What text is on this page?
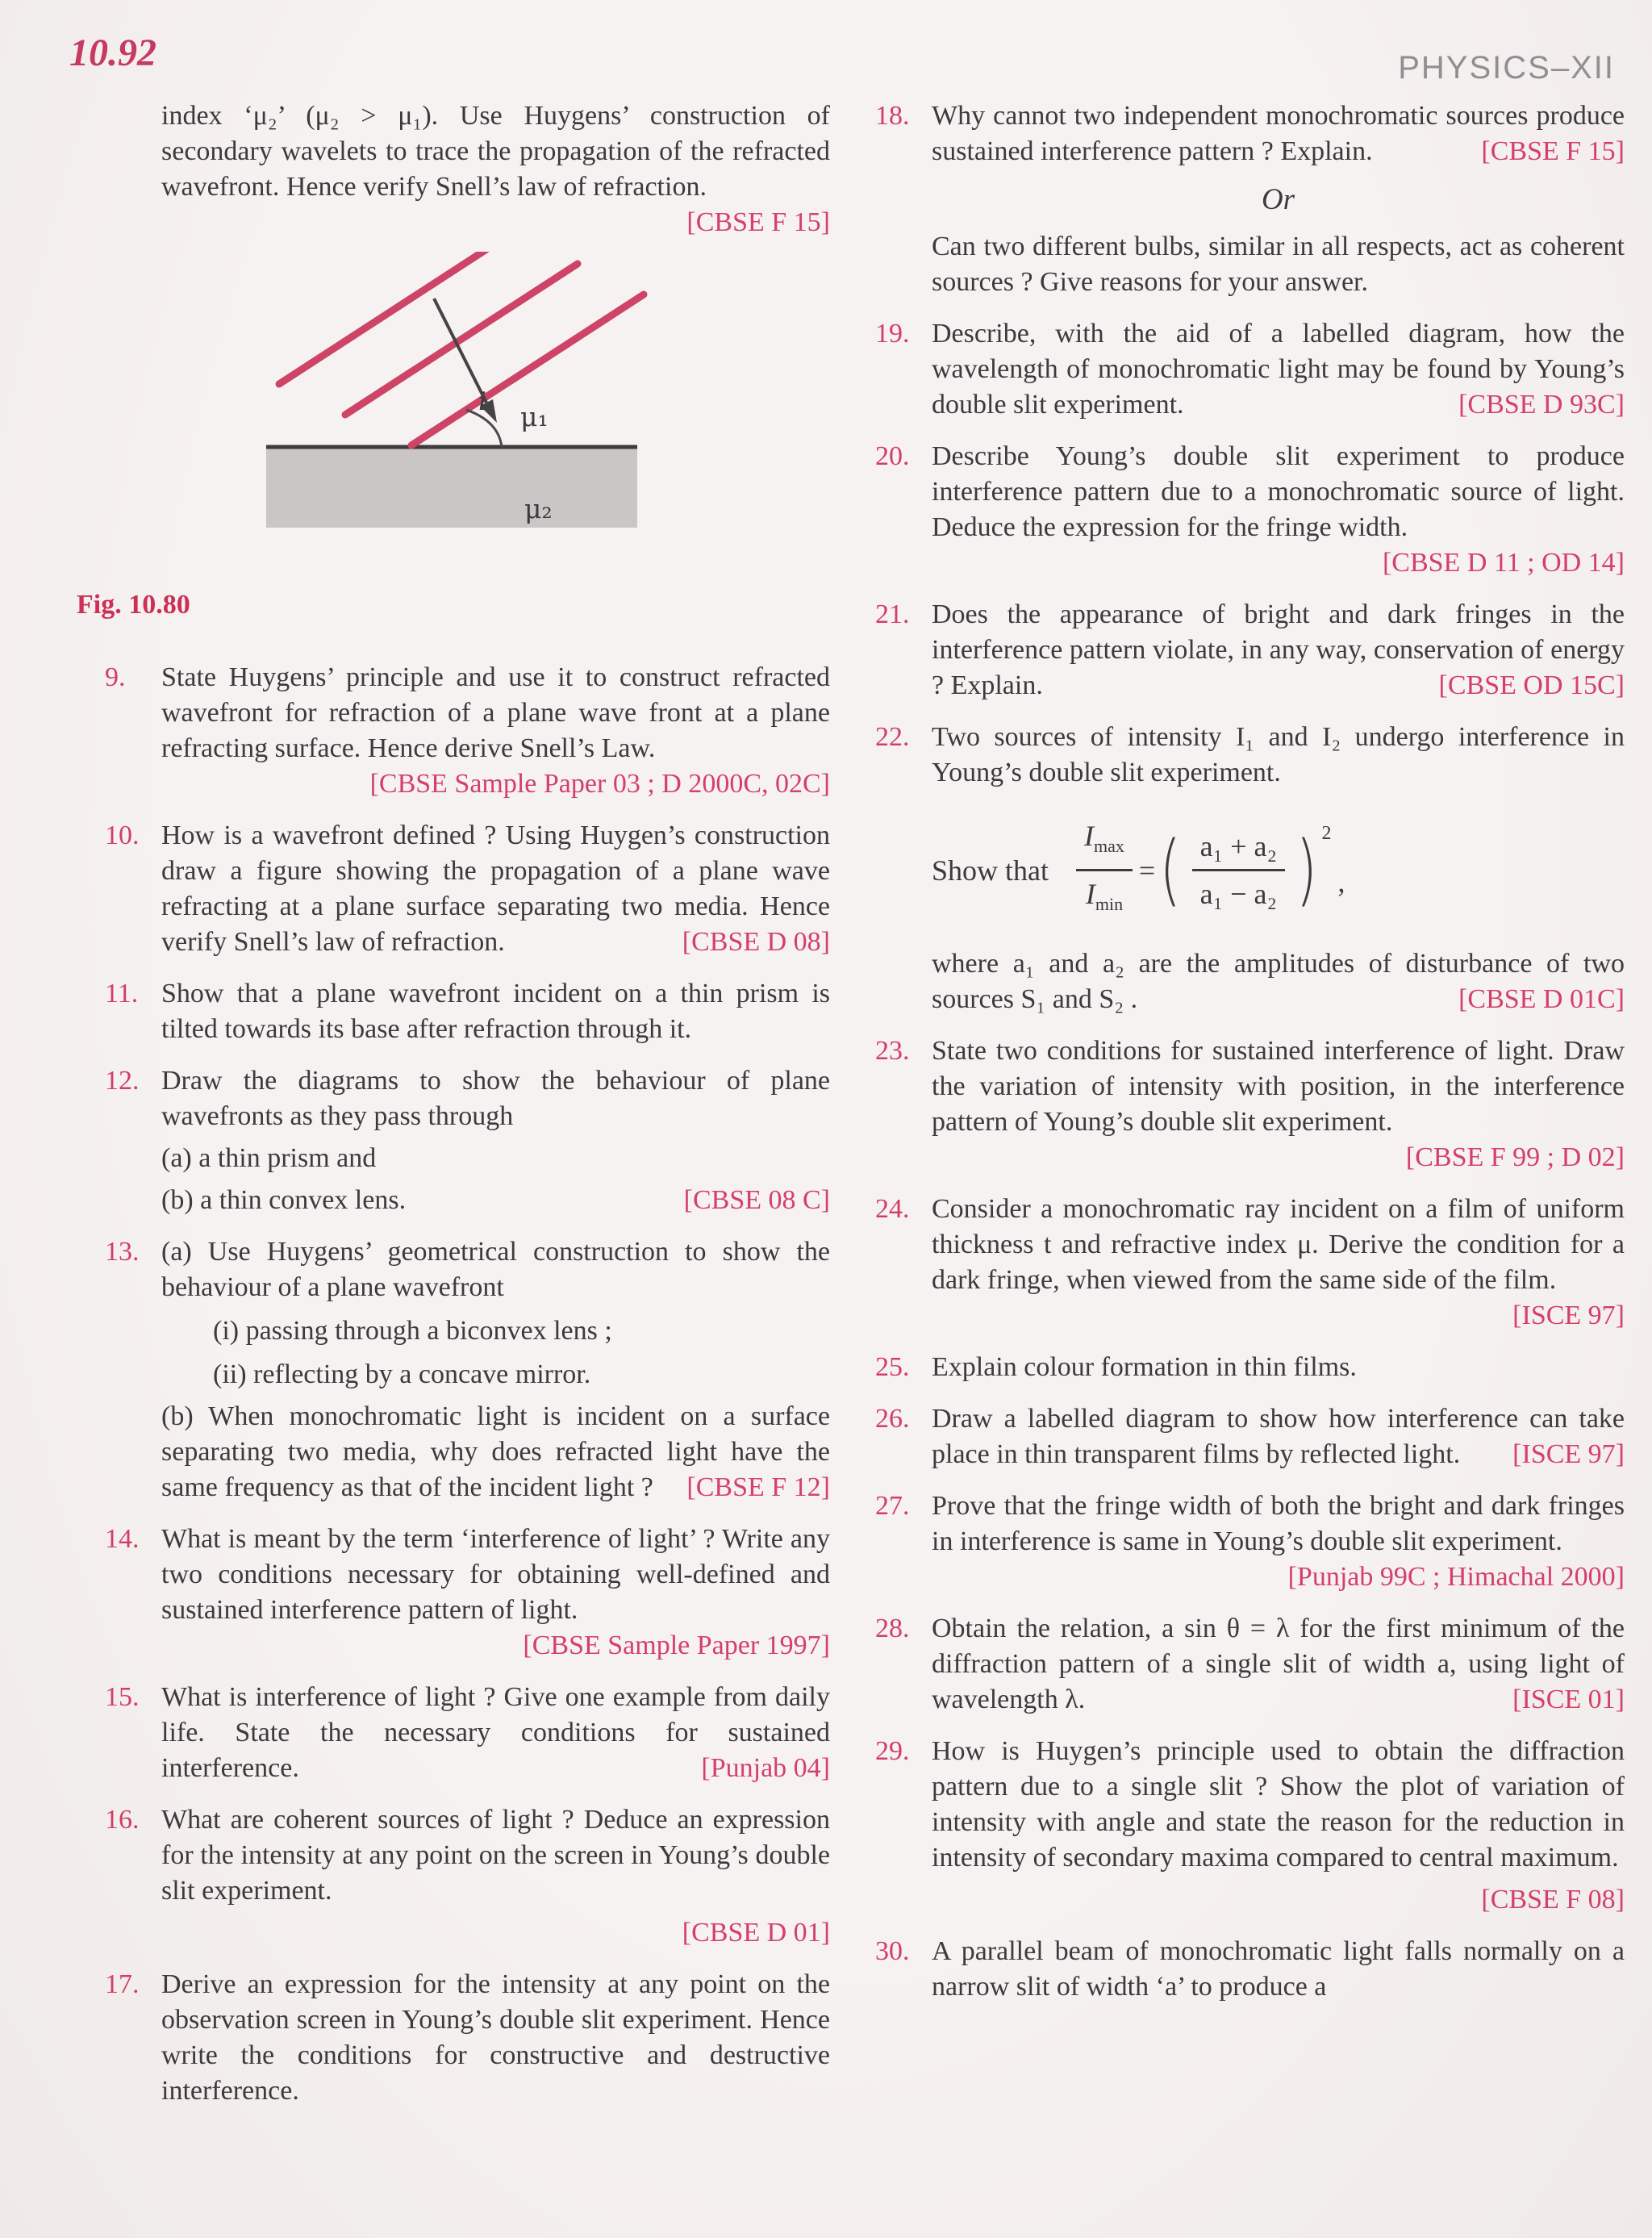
10.92	PHYSICS–XII

index ‘μ₂’ (μ₂ > μ₁). Use Huygens’ construction of secondary wavelets to trace the propagation of the refracted wavefront. Hence verify Snell’s law of refraction.
[CBSE F 15]

i μ₁
μ₂
Fig. 10.80
9.	State Huygens’ principle and use it to construct refracted wavefront for refraction of a plane wave front at a plane refracting surface. Hence derive Snell’s Law.
[CBSE Sample Paper 03 ; D 2000C, 02C]

10. How is a wavefront defined ? Using Huygen’s construction draw a figure showing the propagation of a plane wave refracting at a plane surface separating two media. Hence verify Snell’s law of refraction.	[CBSE D 08]

11. Show that a plane wavefront incident on a thin prism is tilted towards its base after refraction through it.

12. Draw the diagrams to show the behaviour of plane wavefronts as they pass through

(a) a thin prism and

(b) a thin convex lens.	[CBSE 08 C]

13. (a) Use Huygens’ geometrical construction to show the behaviour of a plane wavefront

(i) passing through a biconvex lens ;

(ii) reflecting by a concave mirror.

(b) When monochromatic light is incident on a surface separating two media, why does refracted light have the same frequency as that of the incident light ?	[CBSE F 12]

14. What is meant by the term ‘interference of light’ ? Write any two conditions necessary for obtaining well-defined and sustained interference pattern of light.
[CBSE Sample Paper 1997]

15. What is interference of light ? Give one example from daily life. State the necessary conditions for sustained interference.	[Punjab 04]

16. What are coherent sources of light ? Deduce an expression for the intensity at any point on the screen in Young’s double slit experiment.

[CBSE D 01]
17. Derive an expression for the intensity at any point on the observation screen in Young’s double slit experiment. Hence write the conditions for constructive and destructive interference.

18. Why cannot two independent monochromatic sources produce sustained interference pattern ? Explain.	[CBSE F 15]

Or

Can two different bulbs, similar in all respects, act as coherent sources ? Give reasons for your answer.

19. Describe, with the aid of a labelled diagram, how the wavelength of monochromatic light may be found by Young’s double slit experiment.	[CBSE D 93C]

20. Describe Young’s double slit experiment to produce interference pattern due to a monochromatic source of light. Deduce the expression for the fringe width.
[CBSE D 11 ; OD 14]

21. Does the appearance of bright and dark fringes in the interference pattern violate, in any way, conservation of energy ? Explain.	[CBSE OD 15C]

22. Two sources of intensity I₁ and I₂ undergo interference in Young’s double slit experiment.

Show that $\frac{I_{max}}{I_{min}}$ = ( $\frac{\text{a₁ + a₂}}{\text{a₁ − a₂}}$ ) 2
,

where a₁ and a₂ are the amplitudes of disturbance of two sources S₁ and S₂ .	[CBSE D 01C]

23. State two conditions for sustained interference of light. Draw the variation of intensity with position, in the interference pattern of Young’s double slit experiment.
[CBSE F 99 ; D 02]

24. Consider a monochromatic ray incident on a film of uniform thickness t and refractive index μ. Derive the condition for a dark fringe, when viewed from the same side of the film.
[ISCE 97]

25. Explain colour formation in thin films.

26. Draw a labelled diagram to show how interference can take place in thin transparent films by reflected light.	[ISCE 97]

27. Prove that the fringe width of both the bright and dark fringes in interference is same in Young’s double slit experiment.
[Punjab 99C ; Himachal 2000]

28. Obtain the relation, a sin θ = λ for the first minimum of the diffraction pattern of a single slit of width a, using light of wavelength λ.	[ISCE 01]

29. How is Huygen’s principle used to obtain the diffraction pattern due to a single slit ? Show the plot of variation of intensity with angle and state the reason for the reduction in intensity of secondary maxima compared to central maximum.

[CBSE F 08]
30. A parallel beam of monochromatic light falls normally on a narrow slit of width ‘a’ to produce a
